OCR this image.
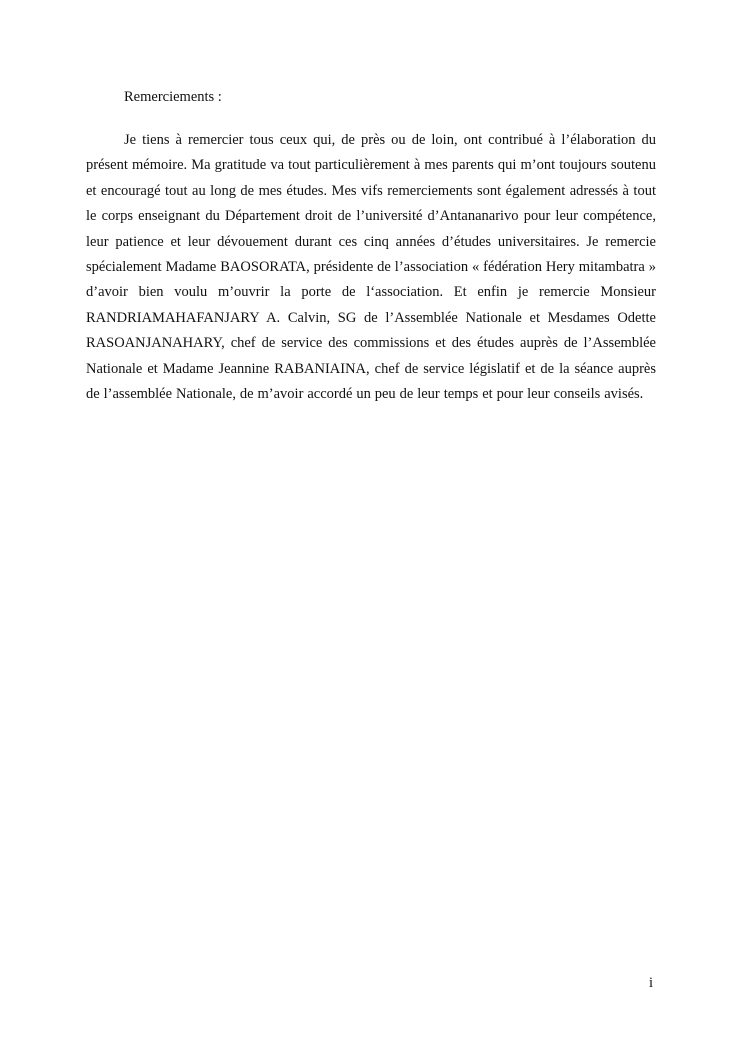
Remerciements :

Je tiens à remercier tous ceux qui, de près ou de loin, ont contribué à l’élaboration du présent mémoire. Ma gratitude va tout particulièrement à mes parents qui m’ont toujours soutenu et encouragé tout au long de mes études. Mes vifs remerciements sont également adressés à tout le corps enseignant du Département droit de l’université d’Antananarivo pour leur compétence, leur patience et leur dévouement durant ces cinq années d’études universitaires. Je remercie spécialement Madame BAOSORATA, présidente de l’association « fédération Hery mitambatra » d’avoir bien voulu m’ouvrir la porte de l‘association. Et enfin je remercie Monsieur RANDRIAMAHAFANJARY A. Calvin, SG de l’Assemblée Nationale et Mesdames Odette RASOANJANAHARY, chef de service des commissions et des études auprès de l’Assemblée Nationale et Madame Jeannine RABANIAINA, chef de service législatif et de la séance auprès de l’assemblée Nationale, de m’avoir accordé un peu de leur temps et pour leur conseils avisés.

i
